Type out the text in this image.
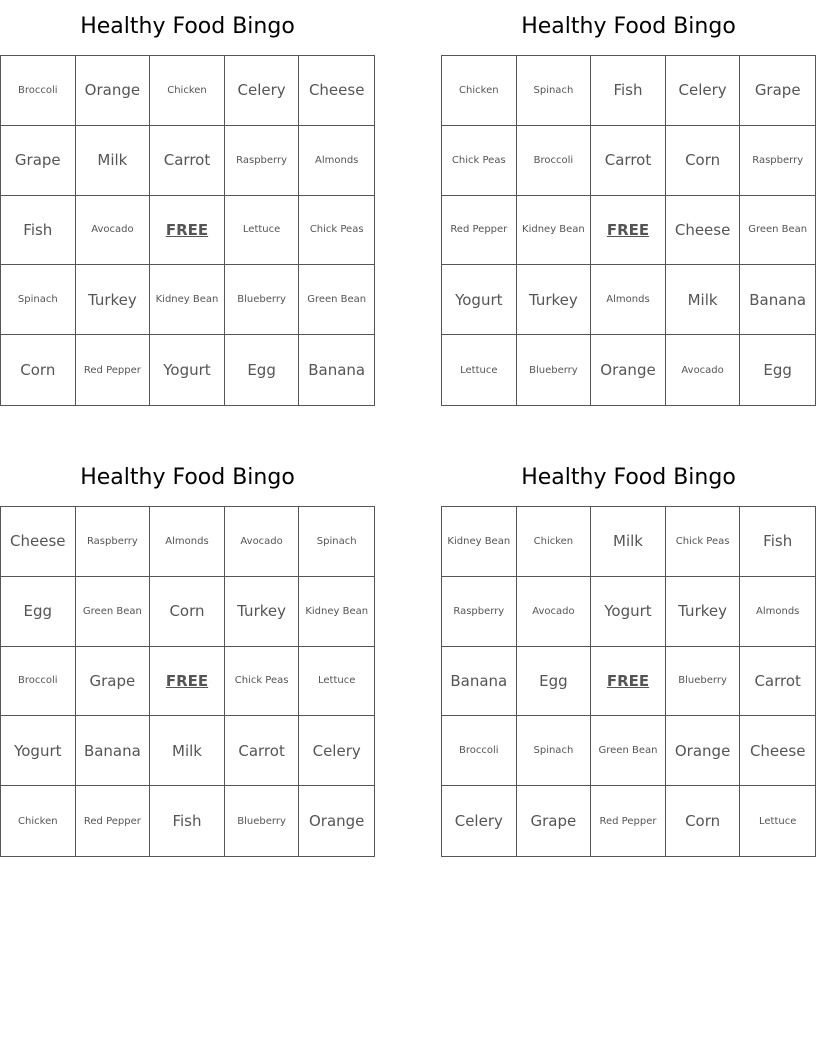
Healthy Food Bingo
Broccoli	Orange	Chicken	Celery	Cheese
Grape	Milk	Carrot	Raspberry	Almonds
Fish	Avocado	FREE	Lettuce	Chick Peas
Spinach	Turkey	Kidney Bean	Blueberry	Green Bean
Corn	Red Pepper	Yogurt	Egg	Banana
Healthy Food Bingo
Chicken	Spinach	Fish	Celery	Grape
Chick Peas	Broccoli	Carrot	Corn	Raspberry
Red Pepper	Kidney Bean	FREE	Cheese	Green Bean
Yogurt	Turkey	Almonds	Milk	Banana
Lettuce	Blueberry	Orange	Avocado	Egg
Healthy Food Bingo
Cheese	Raspberry	Almonds	Avocado	Spinach
Egg	Green Bean	Corn	Turkey	Kidney Bean
Broccoli	Grape	FREE	Chick Peas	Lettuce
Yogurt	Banana	Milk	Carrot	Celery
Chicken	Red Pepper	Fish	Blueberry	Orange
Healthy Food Bingo
Kidney Bean	Chicken	Milk	Chick Peas	Fish
Raspberry	Avocado	Yogurt	Turkey	Almonds
Banana	Egg	FREE	Blueberry	Carrot
Broccoli	Spinach	Green Bean	Orange	Cheese
Celery	Grape	Red Pepper	Corn	Lettuce
